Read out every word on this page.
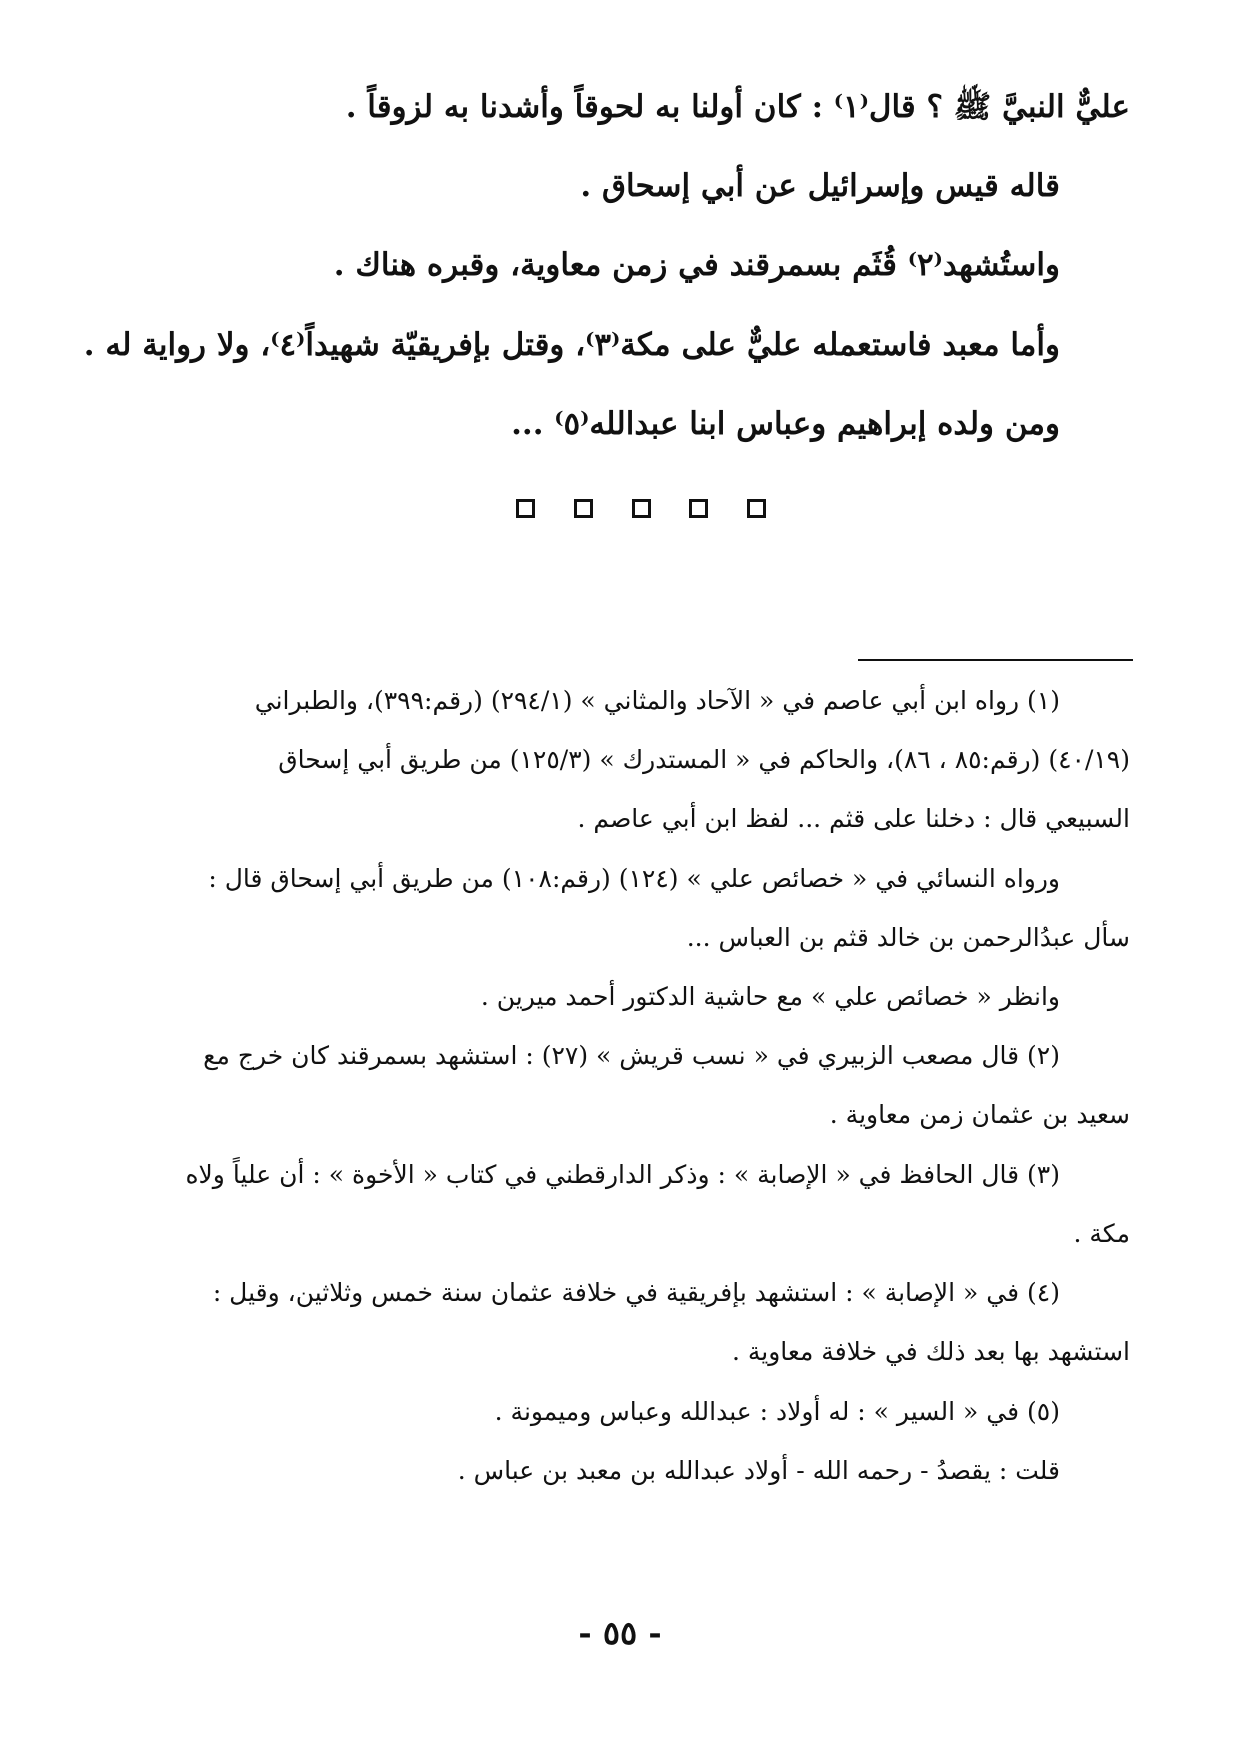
عليٌّ النبيَّ ﷺ ؟ قال⁽١⁾ : كان أولنا به لحوقاً وأشدنا به لزوقاً .
قاله قيس وإسرائيل عن أبي إسحاق .
واستُشهد⁽٢⁾ قُثَم بسمرقند في زمن معاوية، وقبره هناك .
وأما معبد فاستعمله عليٌّ على مكة⁽٣⁾، وقتل بإفريقيّة شهيداً⁽٤⁾، ولا رواية له .
ومن ولده إبراهيم وعباس ابنا عبدالله⁽٥⁾ ...
(١) رواه ابن أبي عاصم في « الآحاد والمثاني » (٢٩٤/١) (رقم:٣٩٩)، والطبراني
(٤٠/١٩) (رقم:٨٥ ، ٨٦)، والحاكم في « المستدرك » (١٢٥/٣) من طريق أبي إسحاق
السبيعي قال : دخلنا على قثم ... لفظ ابن أبي عاصم .
ورواه النسائي في « خصائص علي » (١٢٤) (رقم:١٠٨) من طريق أبي إسحاق قال :
سأل عبدُالرحمن بن خالد قثم بن العباس ...
وانظر « خصائص علي » مع حاشية الدكتور أحمد ميرين .
(٢) قال مصعب الزبيري في « نسب قريش » (٢٧) : استشهد بسمرقند كان خرج مع
سعيد بن عثمان زمن معاوية .
(٣) قال الحافظ في « الإصابة » : وذكر الدارقطني في كتاب « الأخوة » : أن علياً ولاه
مكة .
(٤) في « الإصابة » : استشهد بإفريقية في خلافة عثمان سنة خمس وثلاثين، وقيل :
استشهد بها بعد ذلك في خلافة معاوية .
(٥) في « السير » : له أولاد : عبدالله وعباس وميمونة .
قلت : يقصدُ - رحمه الله - أولاد عبدالله بن معبد بن عباس .
- ٥٥ -
